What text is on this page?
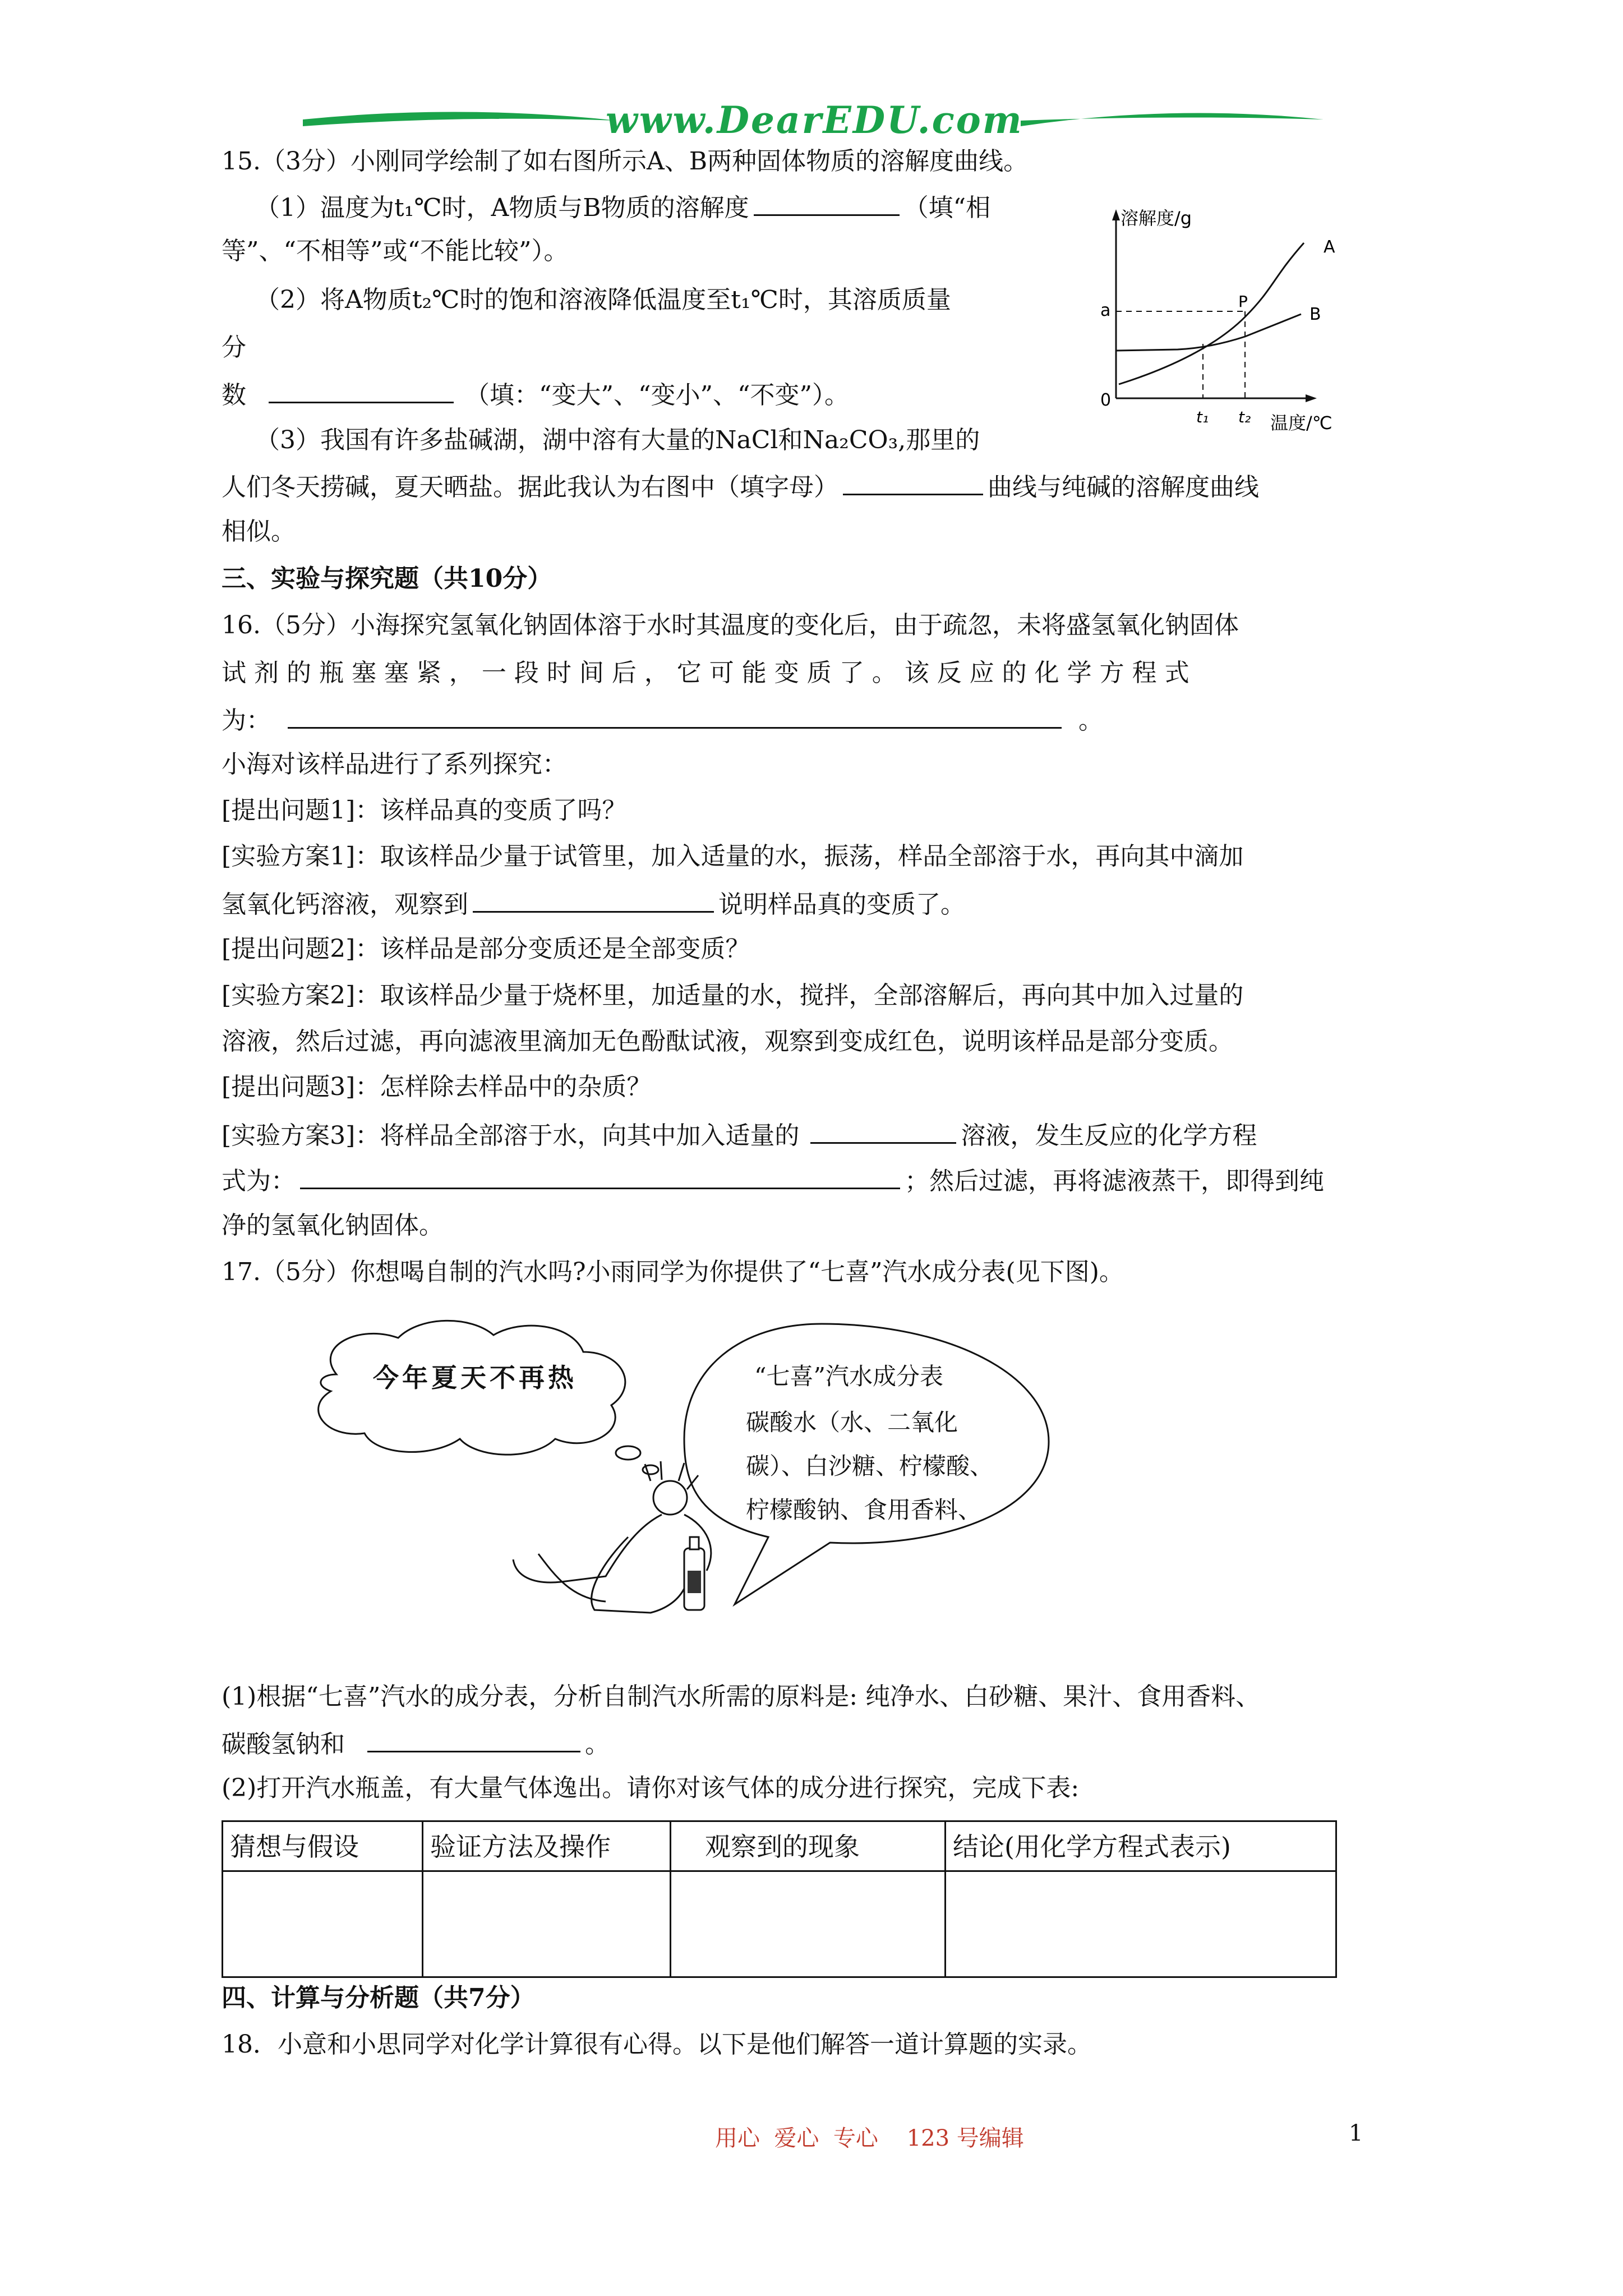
www.DearEDU.com
15.（3分）小刚同学绘制了如右图所示A、B两种固体物质的溶解度曲线。
（1）温度为t₁℃时，A物质与B物质的溶解度	（填“相
等”、“不相等”或“不能比较”）。
（2）将A物质t₂℃时的饱和溶液降低温度至t₁℃时，其溶质质量
分
数	（填：“变大”、“变小”、“不变”）。
（3）我国有许多盐碱湖，湖中溶有大量的NaCl和Na₂CO₃,那里的
人们冬天捞碱，夏天晒盐。据此我认为右图中（填字母）	曲线与纯碱的溶解度曲线
相似。
溶解度/g
A
B
P
a
0
t₁ t₂ 温度/℃
三、实验与探究题（共10分）
16.（5分）小海探究氢氧化钠固体溶于水时其温度的变化后，由于疏忽，未将盛氢氧化钠固体
试 剂 的 瓶 塞 塞 紧 ， 一 段 时 间 后 ， 它 可 能 变 质 了 。 该 反 应 的 化 学 方 程 式
为：	。
小海对该样品进行了系列探究：
[提出问题1]：该样品真的变质了吗？
[实验方案1]：取该样品少量于试管里，加入适量的水，振荡，样品全部溶于水，再向其中滴加
氢氧化钙溶液，观察到	说明样品真的变质了。
[提出问题2]：该样品是部分变质还是全部变质？
[实验方案2]：取该样品少量于烧杯里，加适量的水，搅拌，全部溶解后，再向其中加入过量的
溶液，然后过滤，再向滤液里滴加无色酚酞试液，观察到变成红色，说明该样品是部分变质。
[提出问题3]：怎样除去样品中的杂质？
[实验方案3]：将样品全部溶于水，向其中加入适量的	溶液，发生反应的化学方程
式为：	；然后过滤，再将滤液蒸干，即得到纯
净的氢氧化钠固体。
17.（5分）你想喝自制的汽水吗?小雨同学为你提供了“七喜”汽水成分表(见下图)。
今年夏天不再热	“七喜”汽水成分表
碳酸水（水、二氧化
碳）、白沙糖、柠檬酸、
柠檬酸钠、食用香料、
(1)根据“七喜”汽水的成分表，分析自制汽水所需的原料是: 纯净水、白砂糖、果汁、食用香料、
碳酸氢钠和	。
(2)打开汽水瓶盖，有大量气体逸出。请你对该气体的成分进行探究，完成下表:
猜想与假设	验证方法及操作	观察到的现象	结论(用化学方程式表示)

四、计算与分析题（共7分）
18．小意和小思同学对化学计算很有心得。以下是他们解答一道计算题的实录。
用心  爱心  专心    123 号编辑	1
